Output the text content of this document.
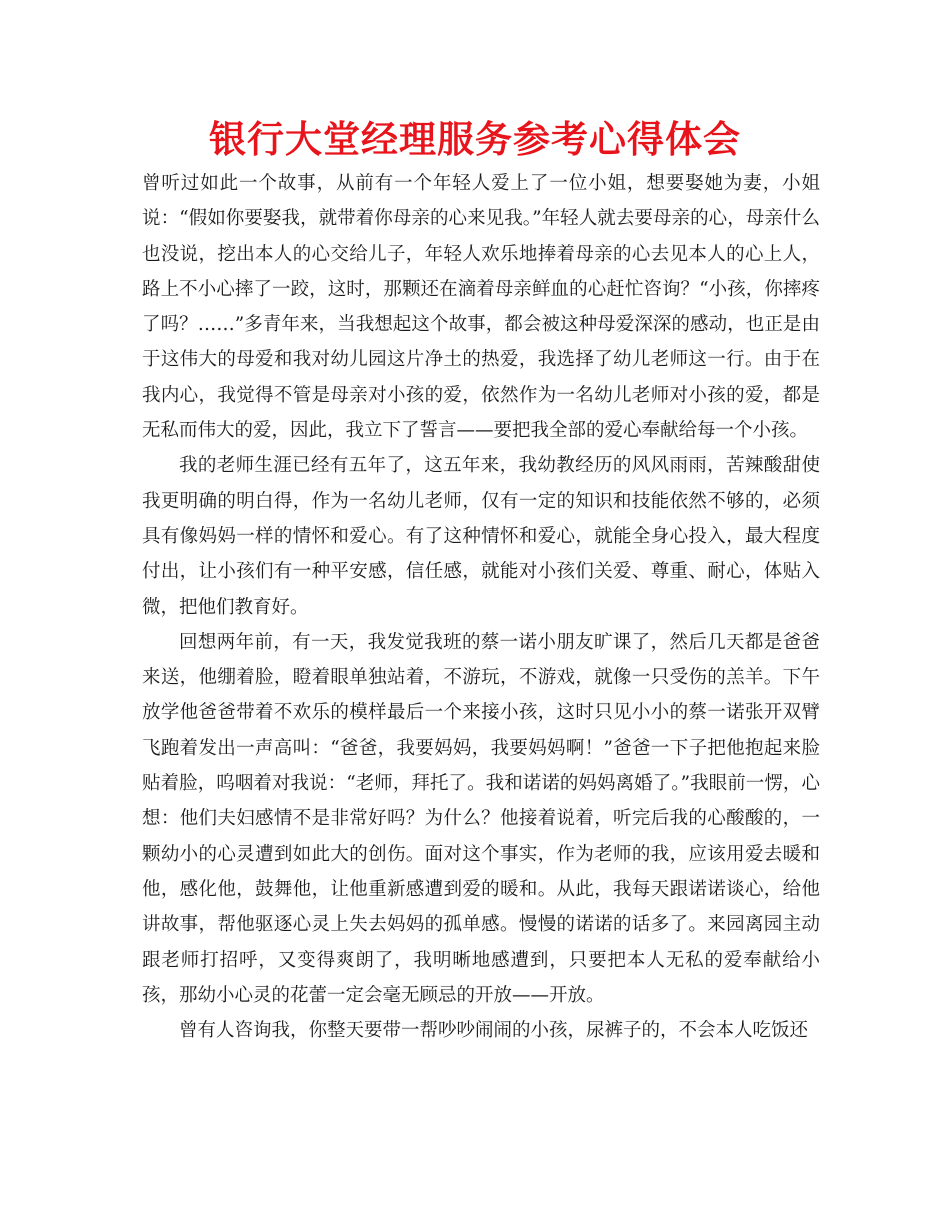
银行大堂经理服务参考心得体会

曾听过如此一个故事，从前有一个年轻人爱上了一位小姐，想要娶她为妻，小姐说：“假如你要娶我，就带着你母亲的心来见我。”年轻人就去要母亲的心，母亲什么也没说，挖出本人的心交给儿子，年轻人欢乐地捧着母亲的心去见本人的心上人，路上不小心摔了一跤，这时，那颗还在滴着母亲鲜血的心赶忙咨询？“小孩，你摔疼了吗？……”多青年来，当我想起这个故事，都会被这种母爱深深的感动，也正是由于这伟大的母爱和我对幼儿园这片净土的热爱，我选择了幼儿老师这一行。由于在我内心，我觉得不管是母亲对小孩的爱，依然作为一名幼儿老师对小孩的爱，都是无私而伟大的爱，因此，我立下了誓言——要把我全部的爱心奉献给每一个小孩。

我的老师生涯已经有五年了，这五年来，我幼教经历的风风雨雨，苦辣酸甜使我更明确的明白得，作为一名幼儿老师，仅有一定的知识和技能依然不够的，必须具有像妈妈一样的情怀和爱心。有了这种情怀和爱心，就能全身心投入，最大程度付出，让小孩们有一种平安感，信任感，就能对小孩们关爱、尊重、耐心，体贴入微，把他们教育好。

回想两年前，有一天，我发觉我班的蔡一诺小朋友旷课了，然后几天都是爸爸来送，他绷着脸，瞪着眼单独站着，不游玩，不游戏，就像一只受伤的羔羊。下午放学他爸爸带着不欢乐的模样最后一个来接小孩，这时只见小小的蔡一诺张开双臂飞跑着发出一声高叫：“爸爸，我要妈妈，我要妈妈啊！”爸爸一下子把他抱起来脸贴着脸，呜咽着对我说：“老师，拜托了。我和诺诺的妈妈离婚了。”我眼前一愣，心想：他们夫妇感情不是非常好吗？为什么？他接着说着，听完后我的心酸酸的，一颗幼小的心灵遭到如此大的创伤。面对这个事实，作为老师的我，应该用爱去暖和他，感化他，鼓舞他，让他重新感遭到爱的暖和。从此，我每天跟诺诺谈心，给他讲故事，帮他驱逐心灵上失去妈妈的孤单感。慢慢的诺诺的话多了。来园离园主动跟老师打招呼，又变得爽朗了，我明晰地感遭到，只要把本人无私的爱奉献给小孩，那幼小心灵的花蕾一定会毫无顾忌的开放——开放。

曾有人咨询我，你整天要带一帮吵吵闹闹的小孩，尿裤子的，不会本人吃饭还
